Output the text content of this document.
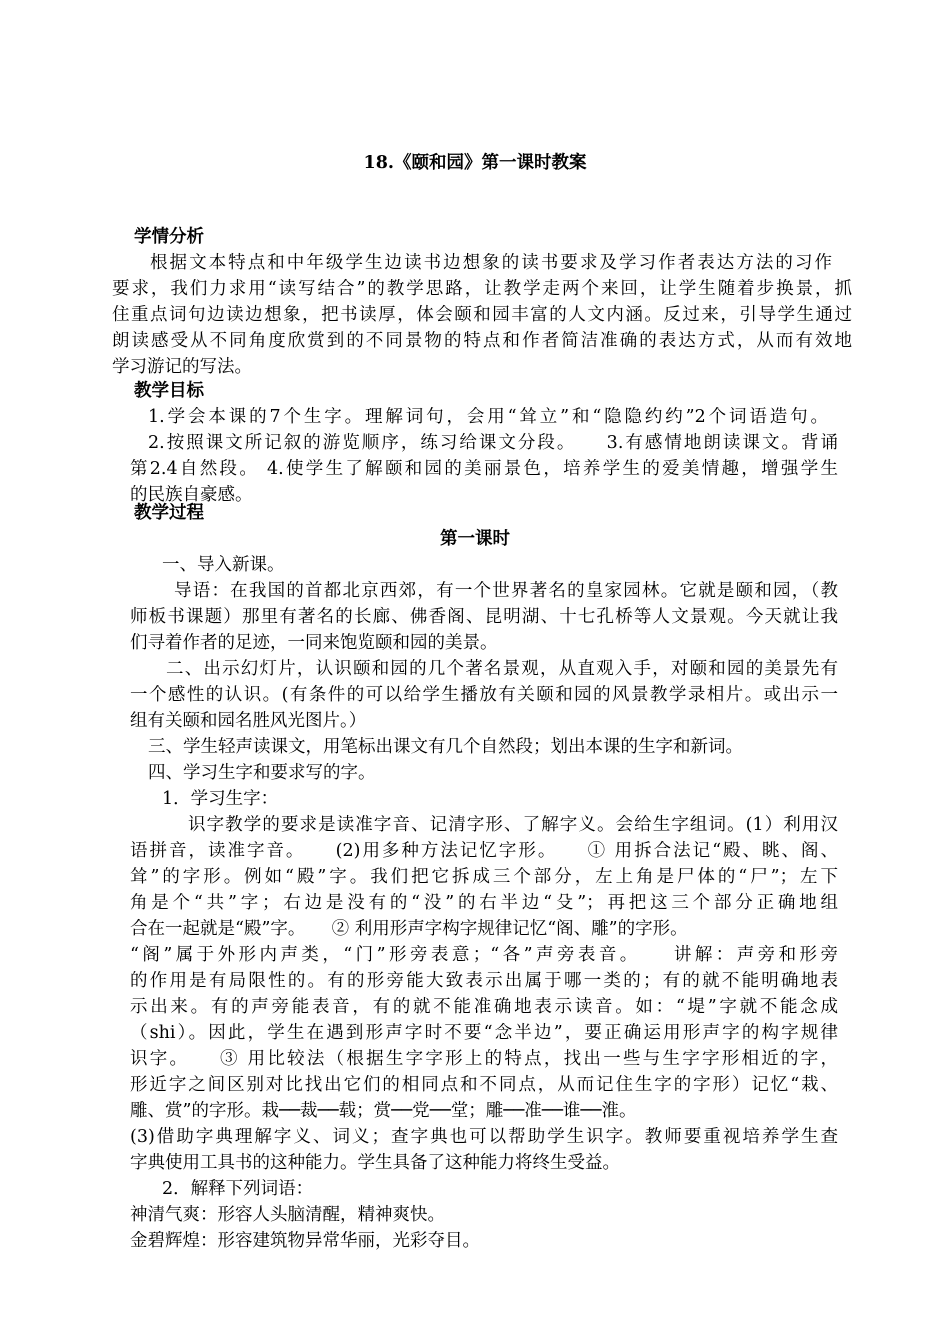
18.《颐和园》第一课时教案
学情分析
根据文本特点和中年级学生边读书边想象的读书要求及学习作者表达方法的习作
要求，我们力求用“读写结合”的教学思路，让教学走两个来回，让学生随着步换景，抓
住重点词句边读边想象，把书读厚，体会颐和园丰富的人文内涵。反过来，引导学生通过
朗读感受从不同角度欣赏到的不同景物的特点和作者简洁准确的表达方式，从而有效地
学习游记的写法。
教学目标
1.学会本课的7个生字。理解词句，会用“耸立”和“隐隐约约”2个词语造句。
2.按照课文所记叙的游览顺序，练习给课文分段。　　3.有感情地朗读课文。背诵
第2.4自然段。 4.使学生了解颐和园的美丽景色，培养学生的爱美情趣，增强学生
的民族自豪感。
教学过程
第一课时
一、导入新课。
导语：在我国的首都北京西郊，有一个世界著名的皇家园林。它就是颐和园，（教
师板书课题）那里有著名的长廊、佛香阁、昆明湖、十七孔桥等人文景观。今天就让我
们寻着作者的足迹，一同来饱览颐和园的美景。
二、出示幻灯片，认识颐和园的几个著名景观，从直观入手，对颐和园的美景先有
一个感性的认识。(有条件的可以给学生播放有关颐和园的风景教学录相片。或出示一
组有关颐和园名胜风光图片。）
三、学生轻声读课文，用笔标出课文有几个自然段；划出本课的生字和新词。
四、学习生字和要求写的字。
1．学习生字：
识字教学的要求是读准字音、记清字形、了解字义。会给生字组词。(1）利用汉
语拼音，读准字音。　　(2)用多种方法记忆字形。　　① 用拆合法记“殿、眺、阁、
耸”的字形。例如“殿”字。我们把它拆成三个部分，左上角是尸体的“尸”；左下
角是个“共”字；右边是没有的“没”的右半边“殳”；再把这三个部分正确地组
合在一起就是“殿”字。　　② 利用形声字构字规律记忆“阁、雕”的字形。
“阁”属于外形内声类，“门”形旁表意；“各”声旁表音。　　讲解：声旁和形旁
的作用是有局限性的。有的形旁能大致表示出属于哪一类的；有的就不能明确地表
示出来。有的声旁能表音，有的就不能准确地表示读音。如：“堤”字就不能念成
（shi）。因此，学生在遇到形声字时不要“念半边”，要正确运用形声字的构字规律
识字。　　③ 用比较法（根据生字字形上的特点，找出一些与生字字形相近的字，
形近字之间区别对比找出它们的相同点和不同点，从而记住生字的字形）记忆“栽、
雕、赏”的字形。栽──裁──载；赏──党──堂；雕──准──谁──淮。
(3)借助字典理解字义、词义；查字典也可以帮助学生识字。教师要重视培养学生查
字典使用工具书的这种能力。学生具备了这种能力将终生受益。
2．解释下列词语：
神清气爽：形容人头脑清醒，精神爽快。
金碧辉煌：形容建筑物异常华丽，光彩夺目。
